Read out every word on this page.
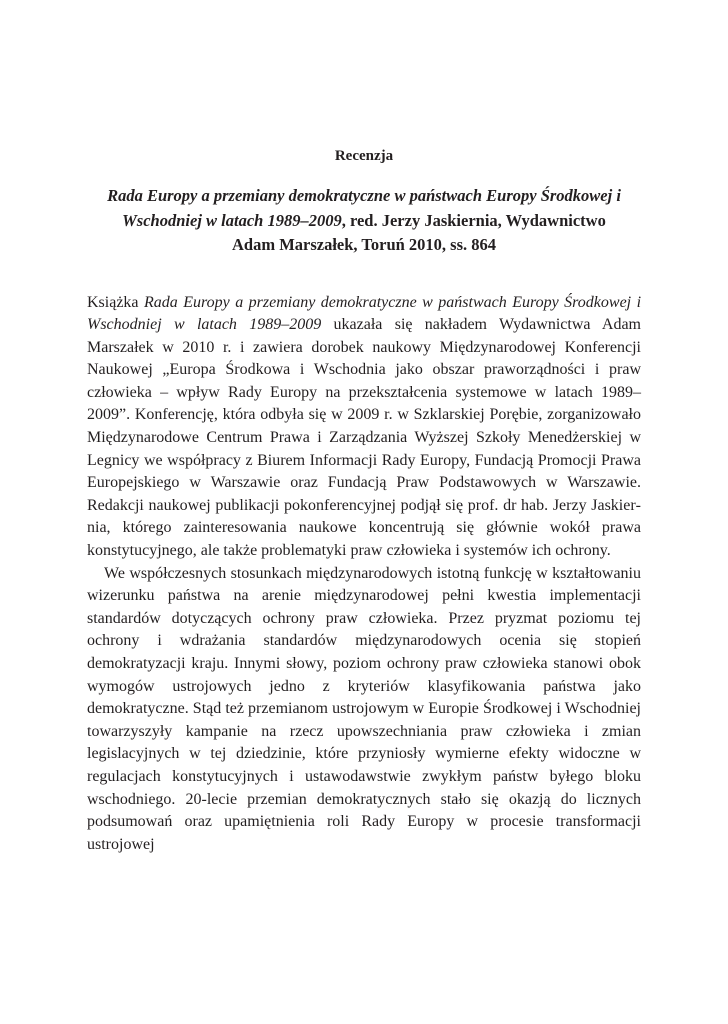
Recenzja
Rada Europy a przemiany demokratyczne w państwach Europy Środkowej i Wschodniej w latach 1989–2009, red. Jerzy Jaskiernia, Wydawnictwo Adam Marszałek, Toruń 2010, ss. 864

Książka Rada Europy a przemiany demokratyczne w państwach Europy Środkowej i Wschodniej w latach 1989–2009 ukazała się nakładem Wydawnictwa Adam Marszałek w 2010 r. i zawiera dorobek naukowy Międzynarodowej Konferencji Naukowej „Europa Środkowa i Wschodnia jako obszar praworządności i praw człowieka – wpływ Rady Europy na przekształcenia systemowe w latach 1989–2009”. Konferencję, która odbyła się w 2009 r. w Szklarskiej Porębie, zorganizowało Międzynarodowe Centrum Prawa i Zarządzania Wyższej Szkoły Menedżerskiej w Legnicy we współpracy z Biurem Informacji Rady Europy, Fundacją Promocji Prawa Europejskiego w Warszawie oraz Fundacją Praw Podstawowych w Warszawie. Redakcji naukowej publikacji pokonferencyjnej podjął się prof. dr hab. Jerzy Jaskiernia, którego zainteresowania naukowe koncentrują się głównie wokół prawa konstytucyjnego, ale także problematyki praw człowieka i systemów ich ochrony.

We współczesnych stosunkach międzynarodowych istotną funkcję w kształtowaniu wizerunku państwa na arenie międzynarodowej pełni kwestia implementacji standardów dotyczących ochrony praw człowieka. Przez pryzmat poziomu tej ochrony i wdrażania standardów międzynarodowych ocenia się stopień demokratyzacji kraju. Innymi słowy, poziom ochrony praw człowieka stanowi obok wymogów ustrojowych jedno z kryteriów klasyfikowania państwa jako demokratyczne. Stąd też przemianom ustrojowym w Europie Środkowej i Wschodniej towarzyszyły kampanie na rzecz upowszechniania praw człowieka i zmian legislacyjnych w tej dziedzinie, które przyniosły wymierne efekty widoczne w regulacjach konstytucyjnych i ustawodawstwie zwykłym państw byłego bloku wschodniego. 20-lecie przemian demokratycznych stało się okazją do licznych podsumowań oraz upamiętnienia roli Rady Europy w procesie transformacji ustrojowej
